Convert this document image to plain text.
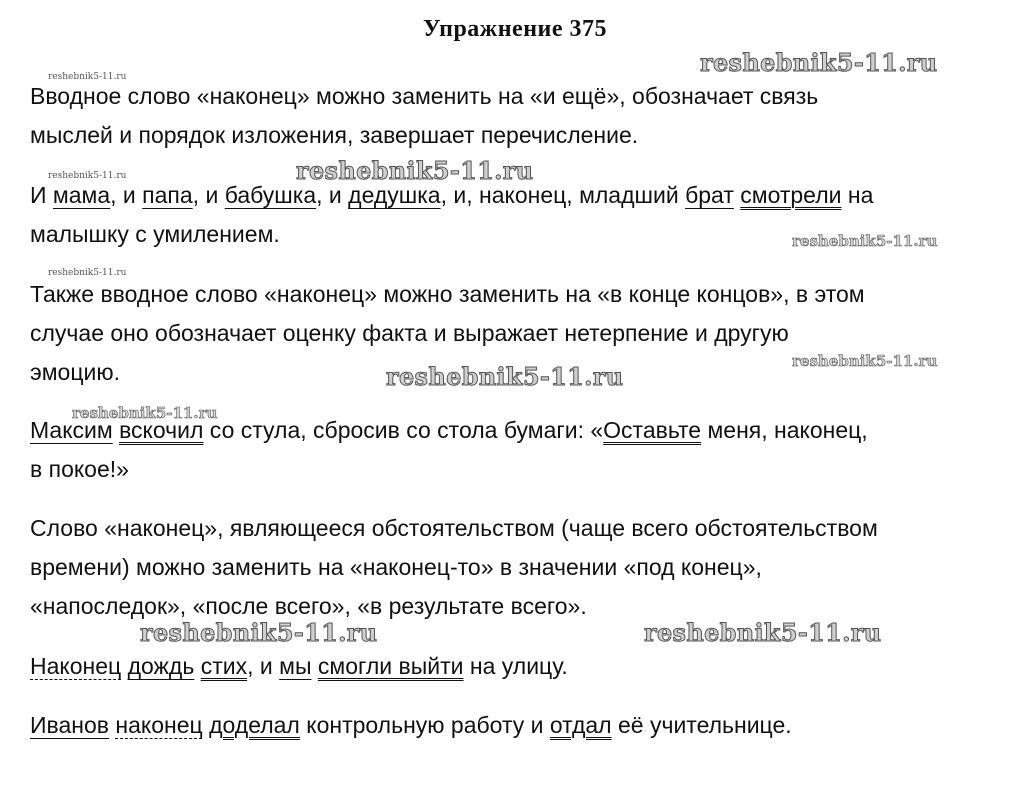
Упражнение 375

Вводное слово «наконец» можно заменить на «и ещё», обозначает связь
мыслей и порядок изложения, завершает перечисление.

И мама, и папа, и бабушка, и дедушка, и, наконец, младший брат смотрели на
малышку с умилением.

Также вводное слово «наконец» можно заменить на «в конце концов», в этом
случае оно обозначает оценку факта и выражает нетерпение и другую
эмоцию.

Максим вскочил со стула, сбросив со стола бумаги: «Оставьте меня, наконец,
в покое!»

Слово «наконец», являющееся обстоятельством (чаще всего обстоятельством
времени) можно заменить на «наконец-то» в значении «под конец»,
«напоследок», «после всего», «в результате всего».

Наконец дождь стих, и мы смогли выйти на улицу.

Иванов наконец доделал контрольную работу и отдал её учительнице.

reshebnik5-11.ru
reshebnik5-11.ru
reshebnik5-11.ru	reshebnik5-11.ru
reshebnik5-11.ru
reshebnik5-11.ru
reshebnik5-11.ru
reshebnik5-11.ru
reshebnik5-11.ru
reshebnik5-11.ru	reshebnik5-11.ru
